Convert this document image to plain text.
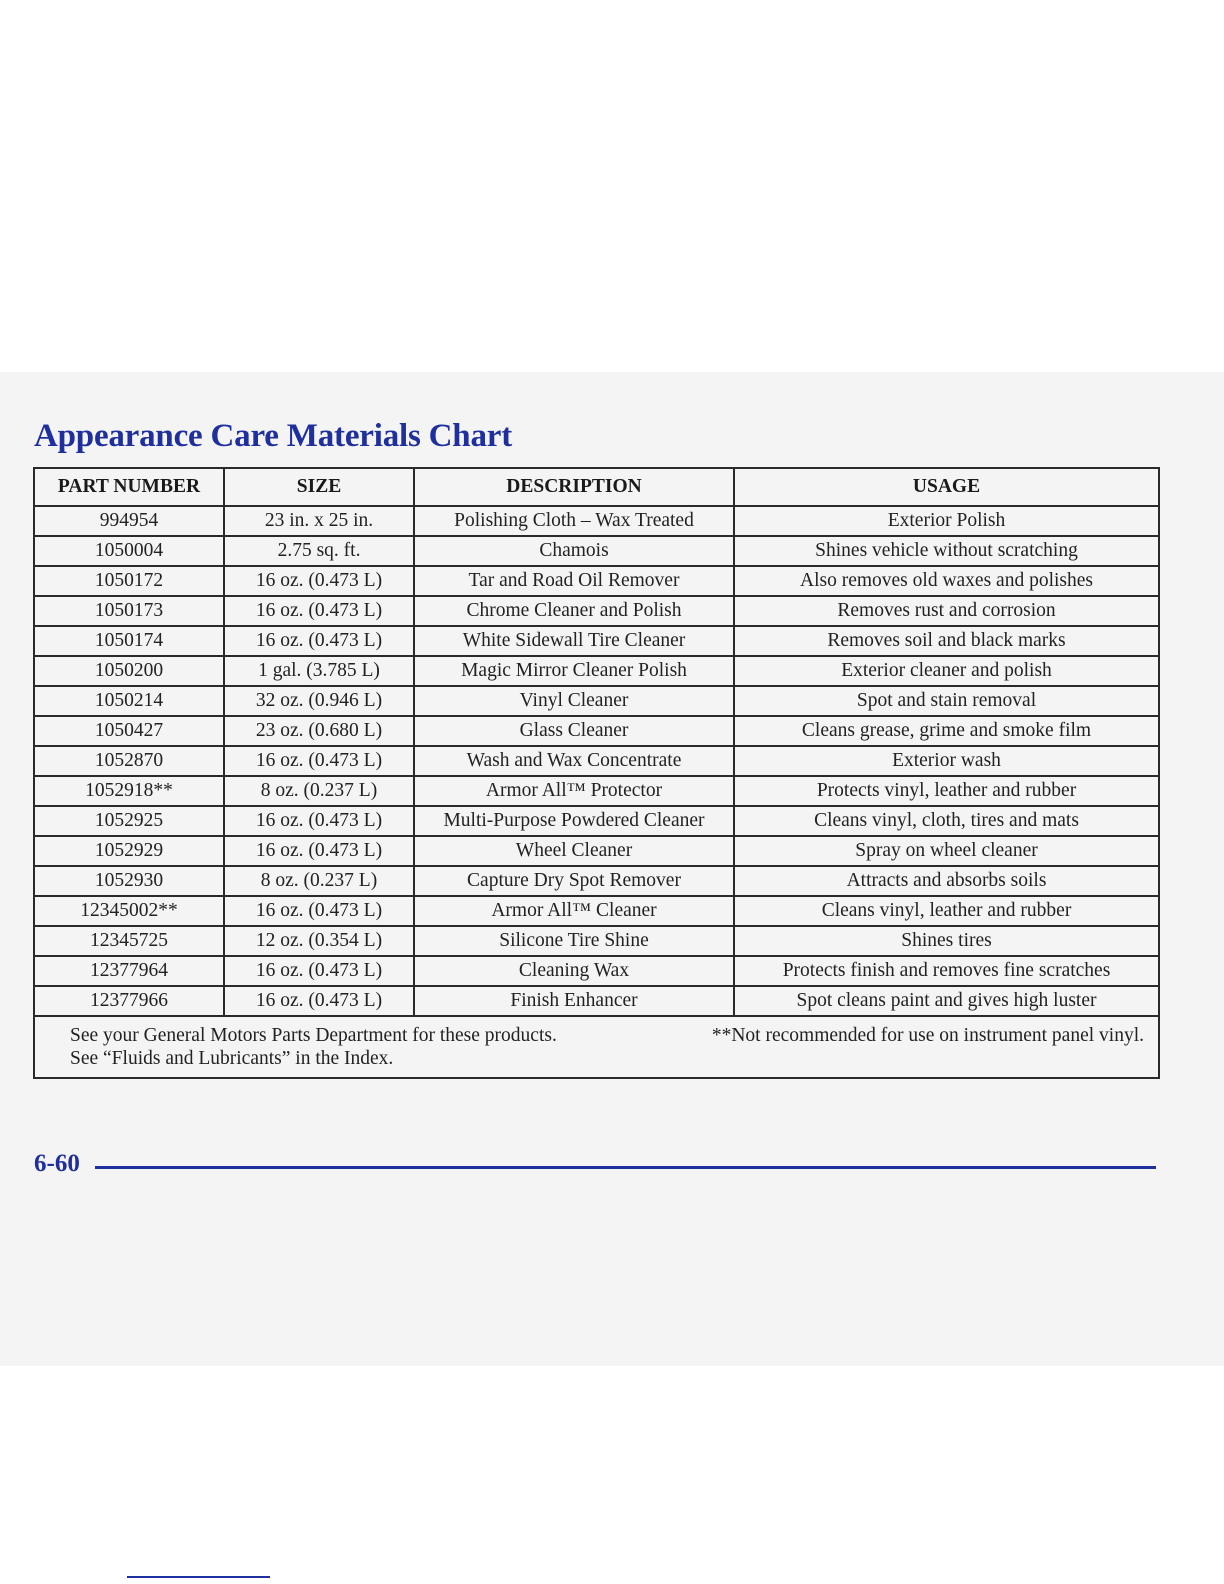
Appearance Care Materials Chart
PART NUMBER	SIZE	DESCRIPTION	USAGE
994954	23 in. x 25 in.	Polishing Cloth – Wax Treated	Exterior Polish
1050004	2.75 sq. ft.	Chamois	Shines vehicle without scratching
1050172	16 oz. (0.473 L)	Tar and Road Oil Remover	Also removes old waxes and polishes
1050173	16 oz. (0.473 L)	Chrome Cleaner and Polish	Removes rust and corrosion
1050174	16 oz. (0.473 L)	White Sidewall Tire Cleaner	Removes soil and black marks
1050200	1 gal. (3.785 L)	Magic Mirror Cleaner Polish	Exterior cleaner and polish
1050214	32 oz. (0.946 L)	Vinyl Cleaner	Spot and stain removal
1050427	23 oz. (0.680 L)	Glass Cleaner	Cleans grease, grime and smoke film
1052870	16 oz. (0.473 L)	Wash and Wax Concentrate	Exterior wash
1052918**	8 oz. (0.237 L)	Armor All™ Protector	Protects vinyl, leather and rubber
1052925	16 oz. (0.473 L)	Multi-Purpose Powdered Cleaner	Cleans vinyl, cloth, tires and mats
1052929	16 oz. (0.473 L)	Wheel Cleaner	Spray on wheel cleaner
1052930	8 oz. (0.237 L)	Capture Dry Spot Remover	Attracts and absorbs soils
12345002**	16 oz. (0.473 L)	Armor All™ Cleaner	Cleans vinyl, leather and rubber
12345725	12 oz. (0.354 L)	Silicone Tire Shine	Shines tires
12377964	16 oz. (0.473 L)	Cleaning Wax	Protects finish and removes fine scratches
12377966	16 oz. (0.473 L)	Finish Enhancer	Spot cleans paint and gives high luster

See your General Motors Parts Department for these products. **Not recommended for use on instrument panel vinyl.
See “Fluids and Lubricants” in the Index.			
6-60
